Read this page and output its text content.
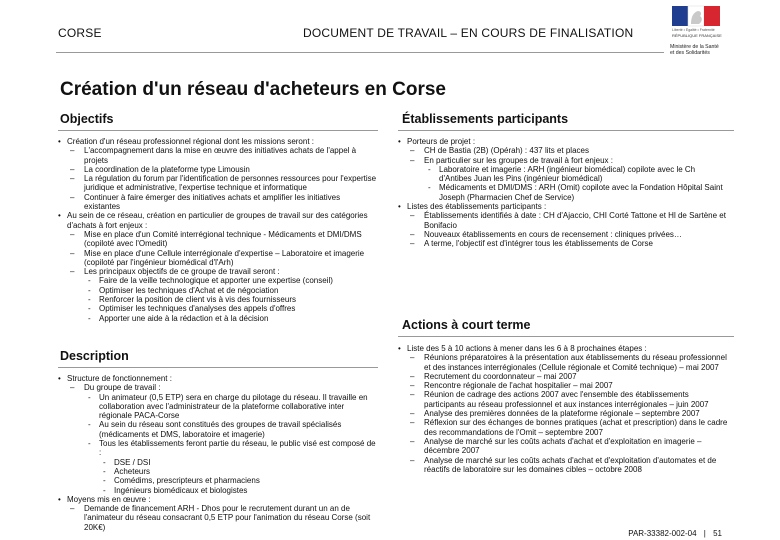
CORSE	DOCUMENT DE TRAVAIL – EN COURS DE FINALISATION	Liberté • Égalité • Fraternité
RÉPUBLIQUE FRANÇAISE
Ministère de la Santé
et des Solidarités
Création d'un réseau d'acheteurs en Corse
Objectifs
• Création d'un réseau professionnel régional dont les missions seront :
– L'accompagnement dans la mise en œuvre des initiatives achats de l'appel à projets
– La coordination de la plateforme type Limousin
– La régulation du forum par l'identification de personnes ressources pour l'expertise juridique et administrative, l'expertise technique et informatique
– Continuer à faire émerger des initiatives achats et amplifier les initiatives existantes
• Au sein de ce réseau, création en particulier de groupes de travail sur des catégories d'achats à fort enjeux :
– Mise en place d'un Comité interrégional technique - Médicaments et DMI/DMS (copiloté avec l'Omedit)
– Mise en place d'une Cellule interrégionale d'expertise – Laboratoire et imagerie (copiloté par l'ingénieur biomédical d'l'Arh)
– Les principaux objectifs de ce groupe de travail seront :
- Faire de la veille technologique et apporter une expertise (conseil)
- Optimiser les techniques d'Achat et de négociation
- Renforcer la position de client vis à vis des fournisseurs
- Optimiser les techniques d'analyses des appels d'offres
- Apporter une aide à la rédaction et à la décision
Description
• Structure de fonctionnement :
– Du groupe de travail :
- Un animateur (0,5 ETP) sera en charge du pilotage du réseau. Il travaille en collaboration avec l'administrateur de la plateforme collaborative inter régionale PACA-Corse
- Au sein du réseau sont constitués des groupes de travail spécialisés (médicaments et DMS, laboratoire et imagerie)
- Tous les établissements feront partie du réseau, le public visé est composé de :
- DSE / DSI
- Acheteurs
- Comédims, prescripteurs et pharmaciens
- Ingénieurs biomédicaux et biologistes
• Moyens mis en œuvre :
– Demande de financement ARH - Dhos pour le recrutement durant un an de l'animateur du réseau consacrant 0,5 ETP pour l'animation du réseau Corse (soit 20K€)
Établissements participants
• Porteurs de projet :
– CH de Bastia (2B) (Opérah) : 437 lits et places
– En particulier sur les groupes de travail à fort enjeux :
- Laboratoire et imagerie : ARH (ingénieur biomédical) copilote avec le Ch d'Antibes Juan les Pins (ingénieur biomédical)
- Médicaments et DMI/DMS : ARH (Omit) copilote avec la Fondation Hôpital Saint Joseph (Pharmacien Chef de Service)
• Listes des établissements participants :
– Établissements identifiés à date : CH d'Ajaccio, CHI Corté Tattone et Hl de Sartène et Bonifacio
– Nouveaux établissements en cours de recensement : cliniques privées…
– A terme, l'objectif est d'intégrer tous les établissements de Corse
Actions à court terme
• Liste des 5 à 10 actions à mener dans les 6 à 8 prochaines étapes :
– Réunions préparatoires à la présentation aux établissements du réseau professionnel et des instances interrégionales (Cellule régionale et Comité technique) – mai 2007
– Recrutement du coordonnateur – mai 2007
– Rencontre régionale de l'achat hospitalier – mai 2007
– Réunion de cadrage des actions 2007 avec l'ensemble des établissements participants au réseau professionnel et aux instances interrégionales – juin 2007
– Analyse des premières données de la plateforme régionale – septembre 2007
– Réflexion sur des échanges de bonnes pratiques (achat et prescription) dans le cadre des recommandations de l'Omit – septembre 2007
– Analyse de marché sur les coûts achats d'achat et d'exploitation en imagerie – décembre 2007
– Analyse de marché sur les coûts achats d'achat et d'exploitation d'automates et de réactifs de laboratoire sur les domaines cibles – octobre 2008
PAR-33382-002-04 | 51
